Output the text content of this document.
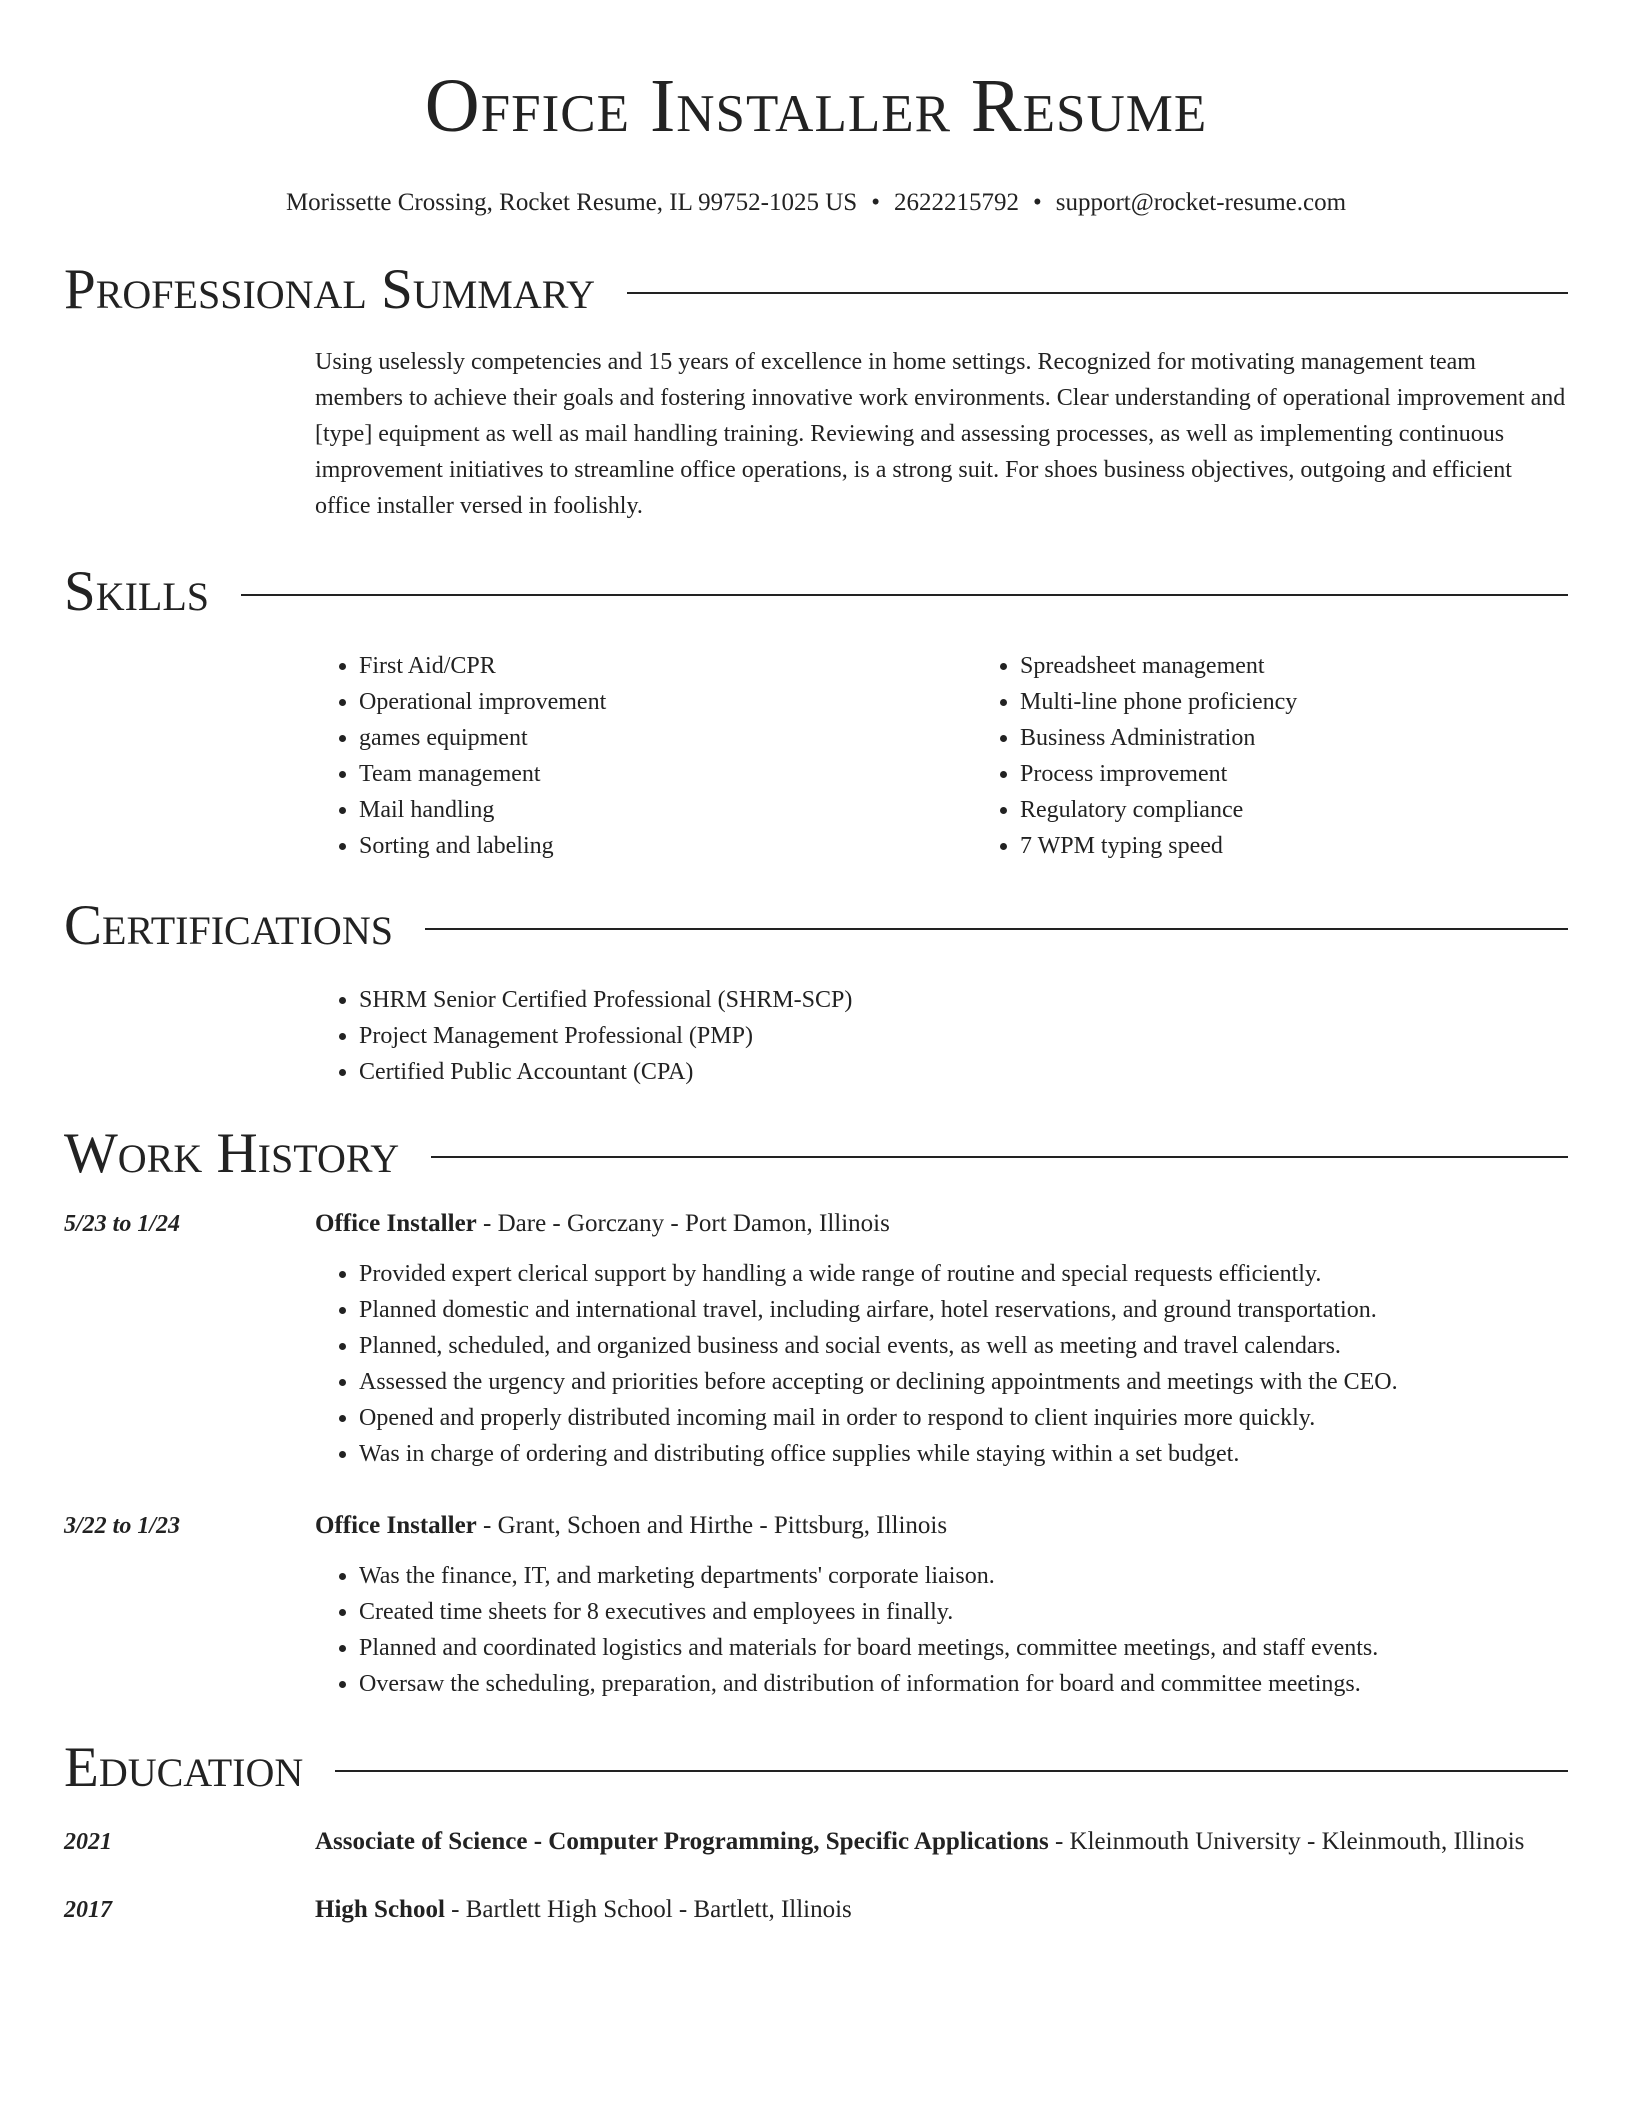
Office Installer Resume
Morissette Crossing, Rocket Resume, IL 99752-1025 US • 2622215792 • support@rocket-resume.com
Professional Summary

Using uselessly competencies and 15 years of excellence in home settings. Recognized for motivating management team members to achieve their goals and fostering innovative work environments. Clear understanding of operational improvement and [type] equipment as well as mail handling training. Reviewing and assessing processes, as well as implementing continuous improvement initiatives to streamline office operations, is a strong suit. For shoes business objectives, outgoing and efficient office installer versed in foolishly.

Skills
• First Aid/CPR
• Operational improvement
• games equipment
• Team management
• Mail handling
• Sorting and labeling
• Spreadsheet management
• Multi-line phone proficiency
• Business Administration
• Process improvement
• Regulatory compliance
• 7 WPM typing speed
Certifications
• SHRM Senior Certified Professional (SHRM-SCP)
• Project Management Professional (PMP)
• Certified Public Accountant (CPA)
Work History
5/23 to 1/24	Office Installer - Dare - Gorczany - Port Damon, Illinois
• Provided expert clerical support by handling a wide range of routine and special requests efficiently.
• Planned domestic and international travel, including airfare, hotel reservations, and ground transportation.
• Planned, scheduled, and organized business and social events, as well as meeting and travel calendars.
• Assessed the urgency and priorities before accepting or declining appointments and meetings with the CEO.
• Opened and properly distributed incoming mail in order to respond to client inquiries more quickly.
• Was in charge of ordering and distributing office supplies while staying within a set budget.
3/22 to 1/23	Office Installer - Grant, Schoen and Hirthe - Pittsburg, Illinois
• Was the finance, IT, and marketing departments' corporate liaison.
• Created time sheets for 8 executives and employees in finally.
• Planned and coordinated logistics and materials for board meetings, committee meetings, and staff events.
• Oversaw the scheduling, preparation, and distribution of information for board and committee meetings.
Education
2021	Associate of Science - Computer Programming, Specific Applications - Kleinmouth University - Kleinmouth, Illinois
2017	High School - Bartlett High School - Bartlett, Illinois
